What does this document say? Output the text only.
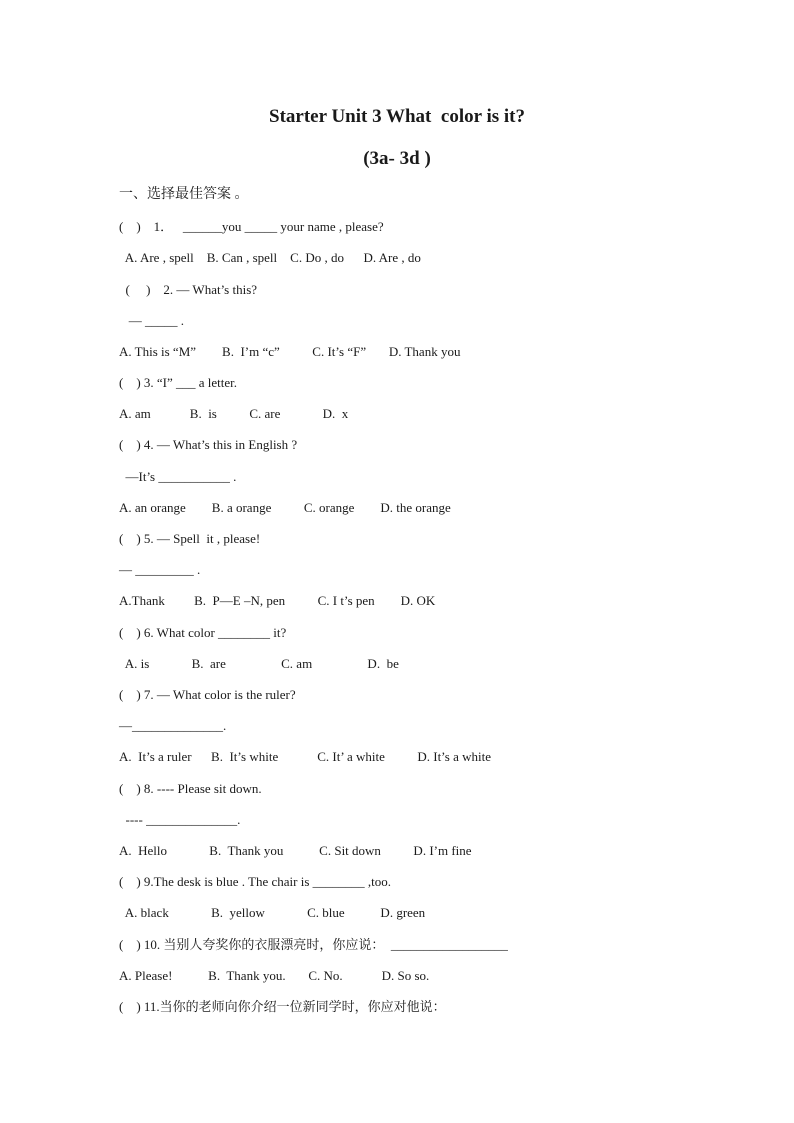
Starter Unit 3 What  color is it?
(3a- 3d )
一、选择最佳答案 。
(    )    1．   ______you _____ your name , please?
A. Are , spell    B. Can , spell    C. Do , do      D. Are , do
(     )    2. — What’s this?
— _____ .
A. This is “M”        B.  I’m “c”          C. It’s “F”       D. Thank you
(    ) 3. “I” ___ a letter.
A. am            B.  is          C. are             D.  x
(    ) 4. — What’s this in English ?
—It’s ___________ .
A. an orange        B. a orange          C. orange        D. the orange
(    ) 5. — Spell  it , please!
— _________ .
A.Thank         B.  P—E –N, pen          C. I t’s pen        D. OK
(    ) 6. What color ________ it?
A. is             B.  are                 C. am                 D.  be
(    ) 7. — What color is the ruler?
—______________.
A.  It’s a ruler      B.  It’s white            C. It’ a white          D. It’s a white
(    ) 8. ---- Please sit down.
---- ______________.
A.  Hello             B.  Thank you           C. Sit down          D. I’m fine
(    ) 9.The desk is blue . The chair is ________ ,too.
A. black             B.  yellow             C. blue           D. green
(    ) 10. 当别人夸奖你的衣服漂亮时，你应说：  __________________
A. Please!           B.  Thank you.       C. No.            D. So so.
(    ) 11.当你的老师向你介绍一位新同学时，你应对他说：
